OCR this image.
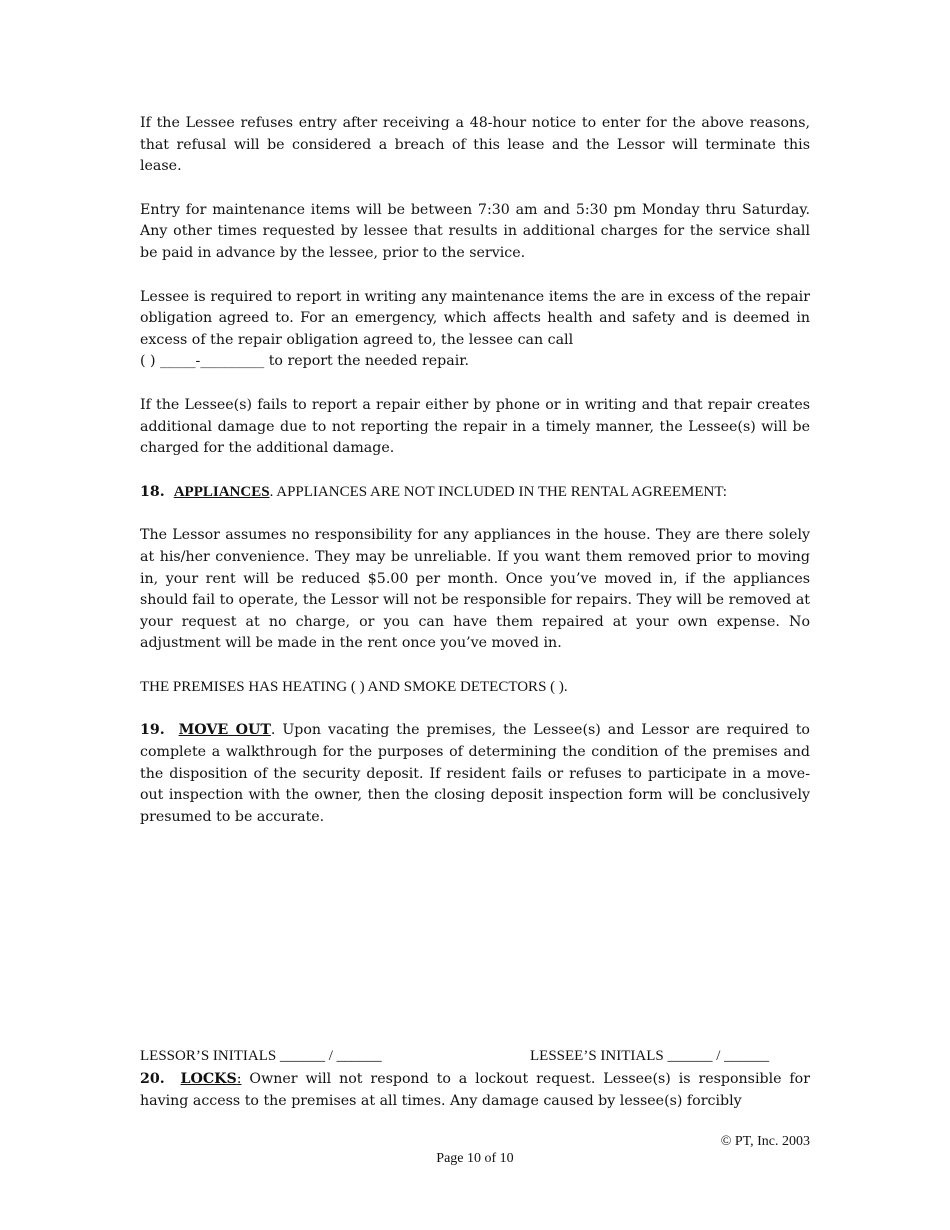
If the Lessee refuses entry after receiving a 48-hour notice to enter for the above reasons, that refusal will be considered a breach of this lease and the Lessor will terminate this lease.

Entry for maintenance items will be between 7:30 am and 5:30 pm Monday thru Saturday. Any other times requested by lessee that results in additional charges for the service shall be paid in advance by the lessee, prior to the service.

Lessee is required to report in writing any maintenance items the are in excess of the repair obligation agreed to. For an emergency, which affects health and safety and is deemed in excess of the repair obligation agreed to, the lessee can call
( ) _____-_________ to report the needed repair.

If the Lessee(s) fails to report a repair either by phone or in writing and that repair creates additional damage due to not reporting the repair in a timely manner, the Lessee(s) will be charged for the additional damage.

18. APPLIANCES. APPLIANCES ARE NOT INCLUDED IN THE RENTAL AGREEMENT:

The Lessor assumes no responsibility for any appliances in the house. They are there solely at his/her convenience. They may be unreliable. If you want them removed prior to moving in, your rent will be reduced $5.00 per month. Once you’ve moved in, if the appliances should fail to operate, the Lessor will not be responsible for repairs. They will be removed at your request at no charge, or you can have them repaired at your own expense. No adjustment will be made in the rent once you’ve moved in.

THE PREMISES HAS HEATING ( ) AND SMOKE DETECTORS ( ).

19. MOVE OUT. Upon vacating the premises, the Lessee(s) and Lessor are required to complete a walkthrough for the purposes of determining the condition of the premises and the disposition of the security deposit. If resident fails or refuses to participate in a move-out inspection with the owner, then the closing deposit inspection form will be conclusively presumed to be accurate.

LESSOR’S INITIALS ______ / ______	LESSEE’S INITIALS ______ / ______
20. LOCKS: Owner will not respond to a lockout request. Lessee(s) is responsible for having access to the premises at all times. Any damage caused by lessee(s) forcibly
© PT, Inc. 2003
Page 10 of 10
